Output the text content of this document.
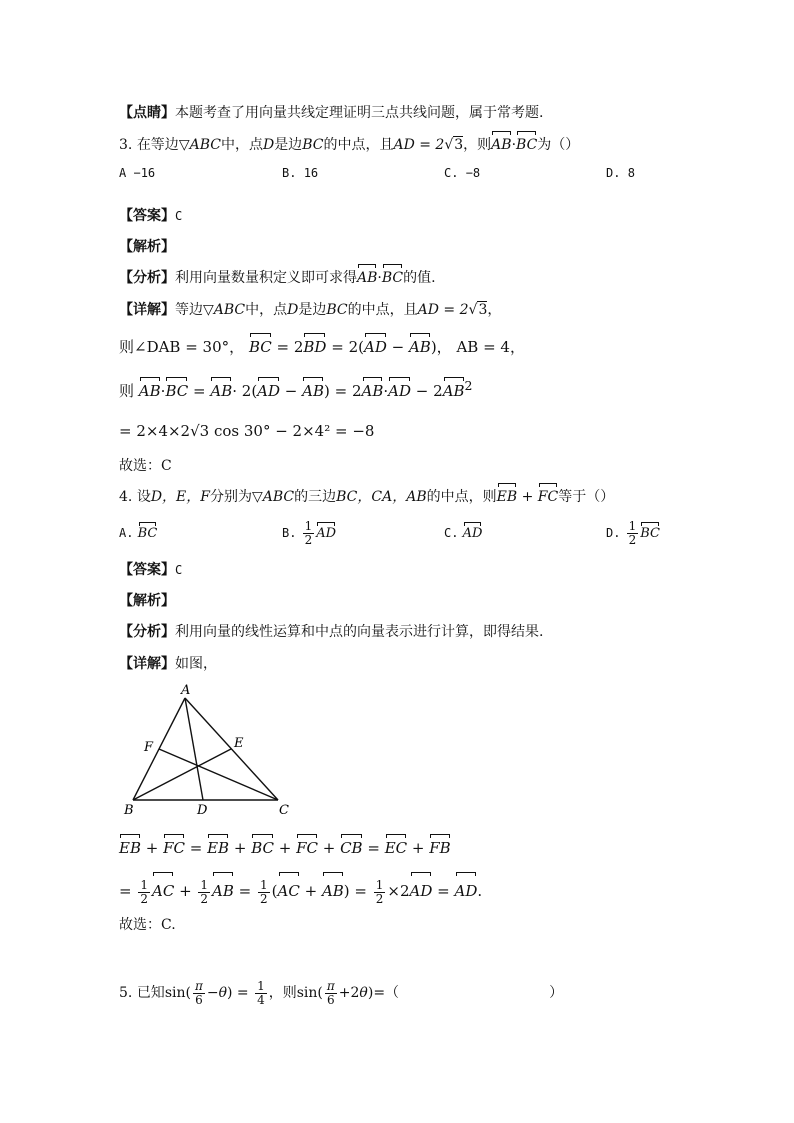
【点睛】本题考查了用向量共线定理证明三点共线问题，属于常考题.
3. 在等边▽ABC中，点D是边BC的中点，且AD = 2√3，则AB·BC为（）
A −16	B. 16	C. −8	D. 8
【答案】C
【解析】
【分析】利用向量数量积定义即可求得AB·BC的值.
【详解】等边▽ABC中，点D是边BC的中点，且AD = 2√3，
则∠DAB = 30°， BC = 2BD = 2(AD − AB)， AB = 4，
则 $AB\cdot BC = AB\cdot 2(AD - AB) = 2AB\cdot AD - 2AB^2$
= 2×4×2√3 cos 30° − 2×4² = −8
故选：C
4. 设D，E，F分别为▽ABC的三边BC，CA，AB的中点，则EB + FC等于（）
A. BC	B. $\frac{1}{2}$ AD	C. AD	D. $\frac{1}{2}$ BC
【答案】C
【解析】
【分析】利用向量的线性运算和中点的向量表示进行计算，即得结果.
【详解】如图，
A
B	C
D
E
F
EB + FC = EB + BC + FC + CB = EC + FB
= $\frac{1}{2}$ AC + $\frac{1}{2}$ AB = $\frac{1}{2} (AC + AB) = \frac{1}{2} \times 2AD$ = AD.
故选：C.
5. 已知$\sin( \frac{\pi}{6} -\theta) = \frac{1}{4}$ ，则$\sin( \frac{\pi}{6} +2\theta)=$（	）
